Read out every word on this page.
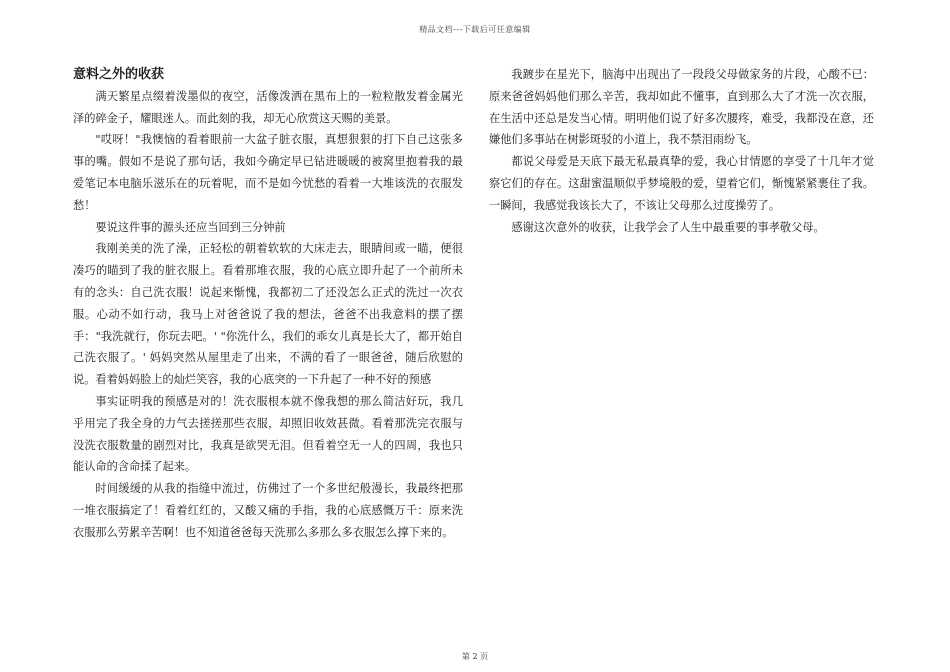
精品文档---下载后可任意编辑
意料之外的收获

满天繁星点缀着泼墨似的夜空，活像泼洒在黑布上的一粒粒散发着金属光泽的碎金子，耀眼迷人。而此刻的我，却无心欣赏这天赐的美景。

"哎呀！"我懊恼的看着眼前一大盆子脏衣服，真想狠狠的打下自己这张多事的嘴。假如不是说了那句话，我如今确定早已钻进暖暖的被窝里抱着我的最爱笔记本电脑乐滋乐在的玩着呢，而不是如今忧愁的看着一大堆该洗的衣服发愁！

要说这件事的源头还应当回到三分钟前

我刚美美的洗了澡，正轻松的朝着软软的大床走去，眼睛间或一瞄，便很凑巧的瞄到了我的脏衣服上。看着那堆衣服，我的心底立即升起了一个前所未有的念头：自己洗衣服！说起来惭愧，我都初二了还没怎么正式的洗过一次衣服。心动不如行动，我马上对爸爸说了我的想法，爸爸不出我意料的摆了摆手："我洗就行，你玩去吧。' "你洗什么，我们的乖女儿真是长大了，都开始自己洗衣服了。' 妈妈突然从屋里走了出来，不满的看了一眼爸爸，随后欣慰的说。看着妈妈脸上的灿烂笑容，我的心底突的一下升起了一种不好的预感

事实证明我的预感是对的！洗衣服根本就不像我想的那么简洁好玩，我几乎用完了我全身的力气去搓搓那些衣服，却照旧收效甚微。看着那洗完衣服与没洗衣服数量的剧烈对比，我真是欲哭无泪。但看着空无一人的四周，我也只能认命的含命揉了起来。

时间缓缓的从我的指缝中流过，仿佛过了一个多世纪般漫长，我最终把那一堆衣服搞定了！看着红红的，又酸又痛的手指，我的心底感慨万千：原来洗衣服那么劳累辛苦啊！也不知道爸爸每天洗那么多那么多衣服怎么撑下来的。

我踱步在星光下，脑海中出现出了一段段父母做家务的片段，心酸不已：原来爸爸妈妈他们那么辛苦，我却如此不懂事，直到那么大了才洗一次衣服，在生活中还总是发当心情。明明他们说了好多次腰疼，难受，我都没在意，还嫌他们多事站在树影斑驳的小道上，我不禁泪雨纷飞。

都说父母爱是天底下最无私最真挚的爱，我心甘情愿的享受了十几年才觉察它们的存在。这甜蜜温顺似乎梦境般的爱，望着它们，惭愧紧紧裹住了我。一瞬间，我感觉我该长大了，不该让父母那么过度操劳了。

感谢这次意外的收获，让我学会了人生中最重要的事孝敬父母。

第 2 页
